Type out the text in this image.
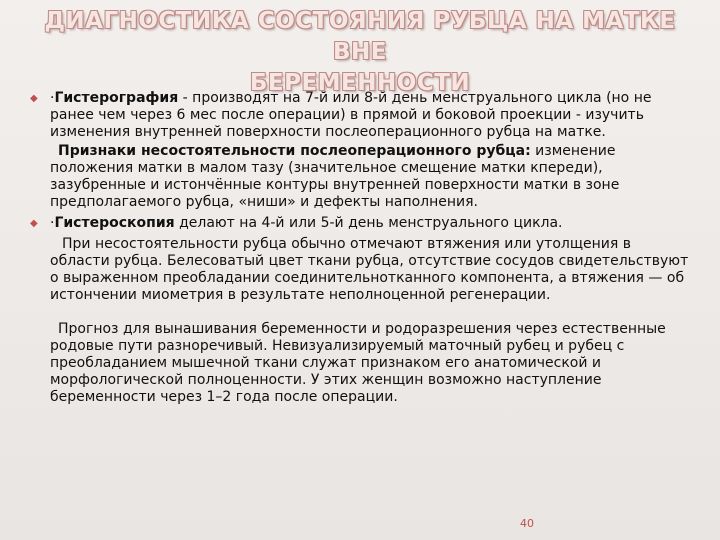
ДИАГНОСТИКА СОСТОЯНИЯ РУБЦА НА МАТКЕ ВНЕ
БЕРЕМЕННОСТИ
◆ ·Гистерография - производят на 7-й или 8-й день менструального цикла (но не ранее чем через 6 мес после операции) в прямой и боковой проекции - изучить изменения внутренней поверхности послеоперационного рубца на матке.

Признаки несостоятельности послеоперационного рубца: изменение положения матки в малом тазу (значительное смещение матки кпереди), зазубренные и истончённые контуры внутренней поверхности матки в зоне предполагаемого рубца, «ниши» и дефекты наполнения.

◆ ·Гистероскопия делают на 4-й или 5-й день менструального цикла.

При несостоятельности рубца обычно отмечают втяжения или утолщения в области рубца. Белесоватый цвет ткани рубца, отсутствие сосудов свидетельствуют о выраженном преобладании соединительнотканного компонента, а втяжения — об истончении миометрия в результате неполноценной регенерации.

Прогноз для вынашивания беременности и родоразрешения через естественные родовые пути разноречивый. Невизуализируемый маточный рубец и рубец с преобладанием мышечной ткани служат признаком его анатомической и морфологической полноценности. У этих женщин возможно наступление беременности через 1–2 года после операции.

40
